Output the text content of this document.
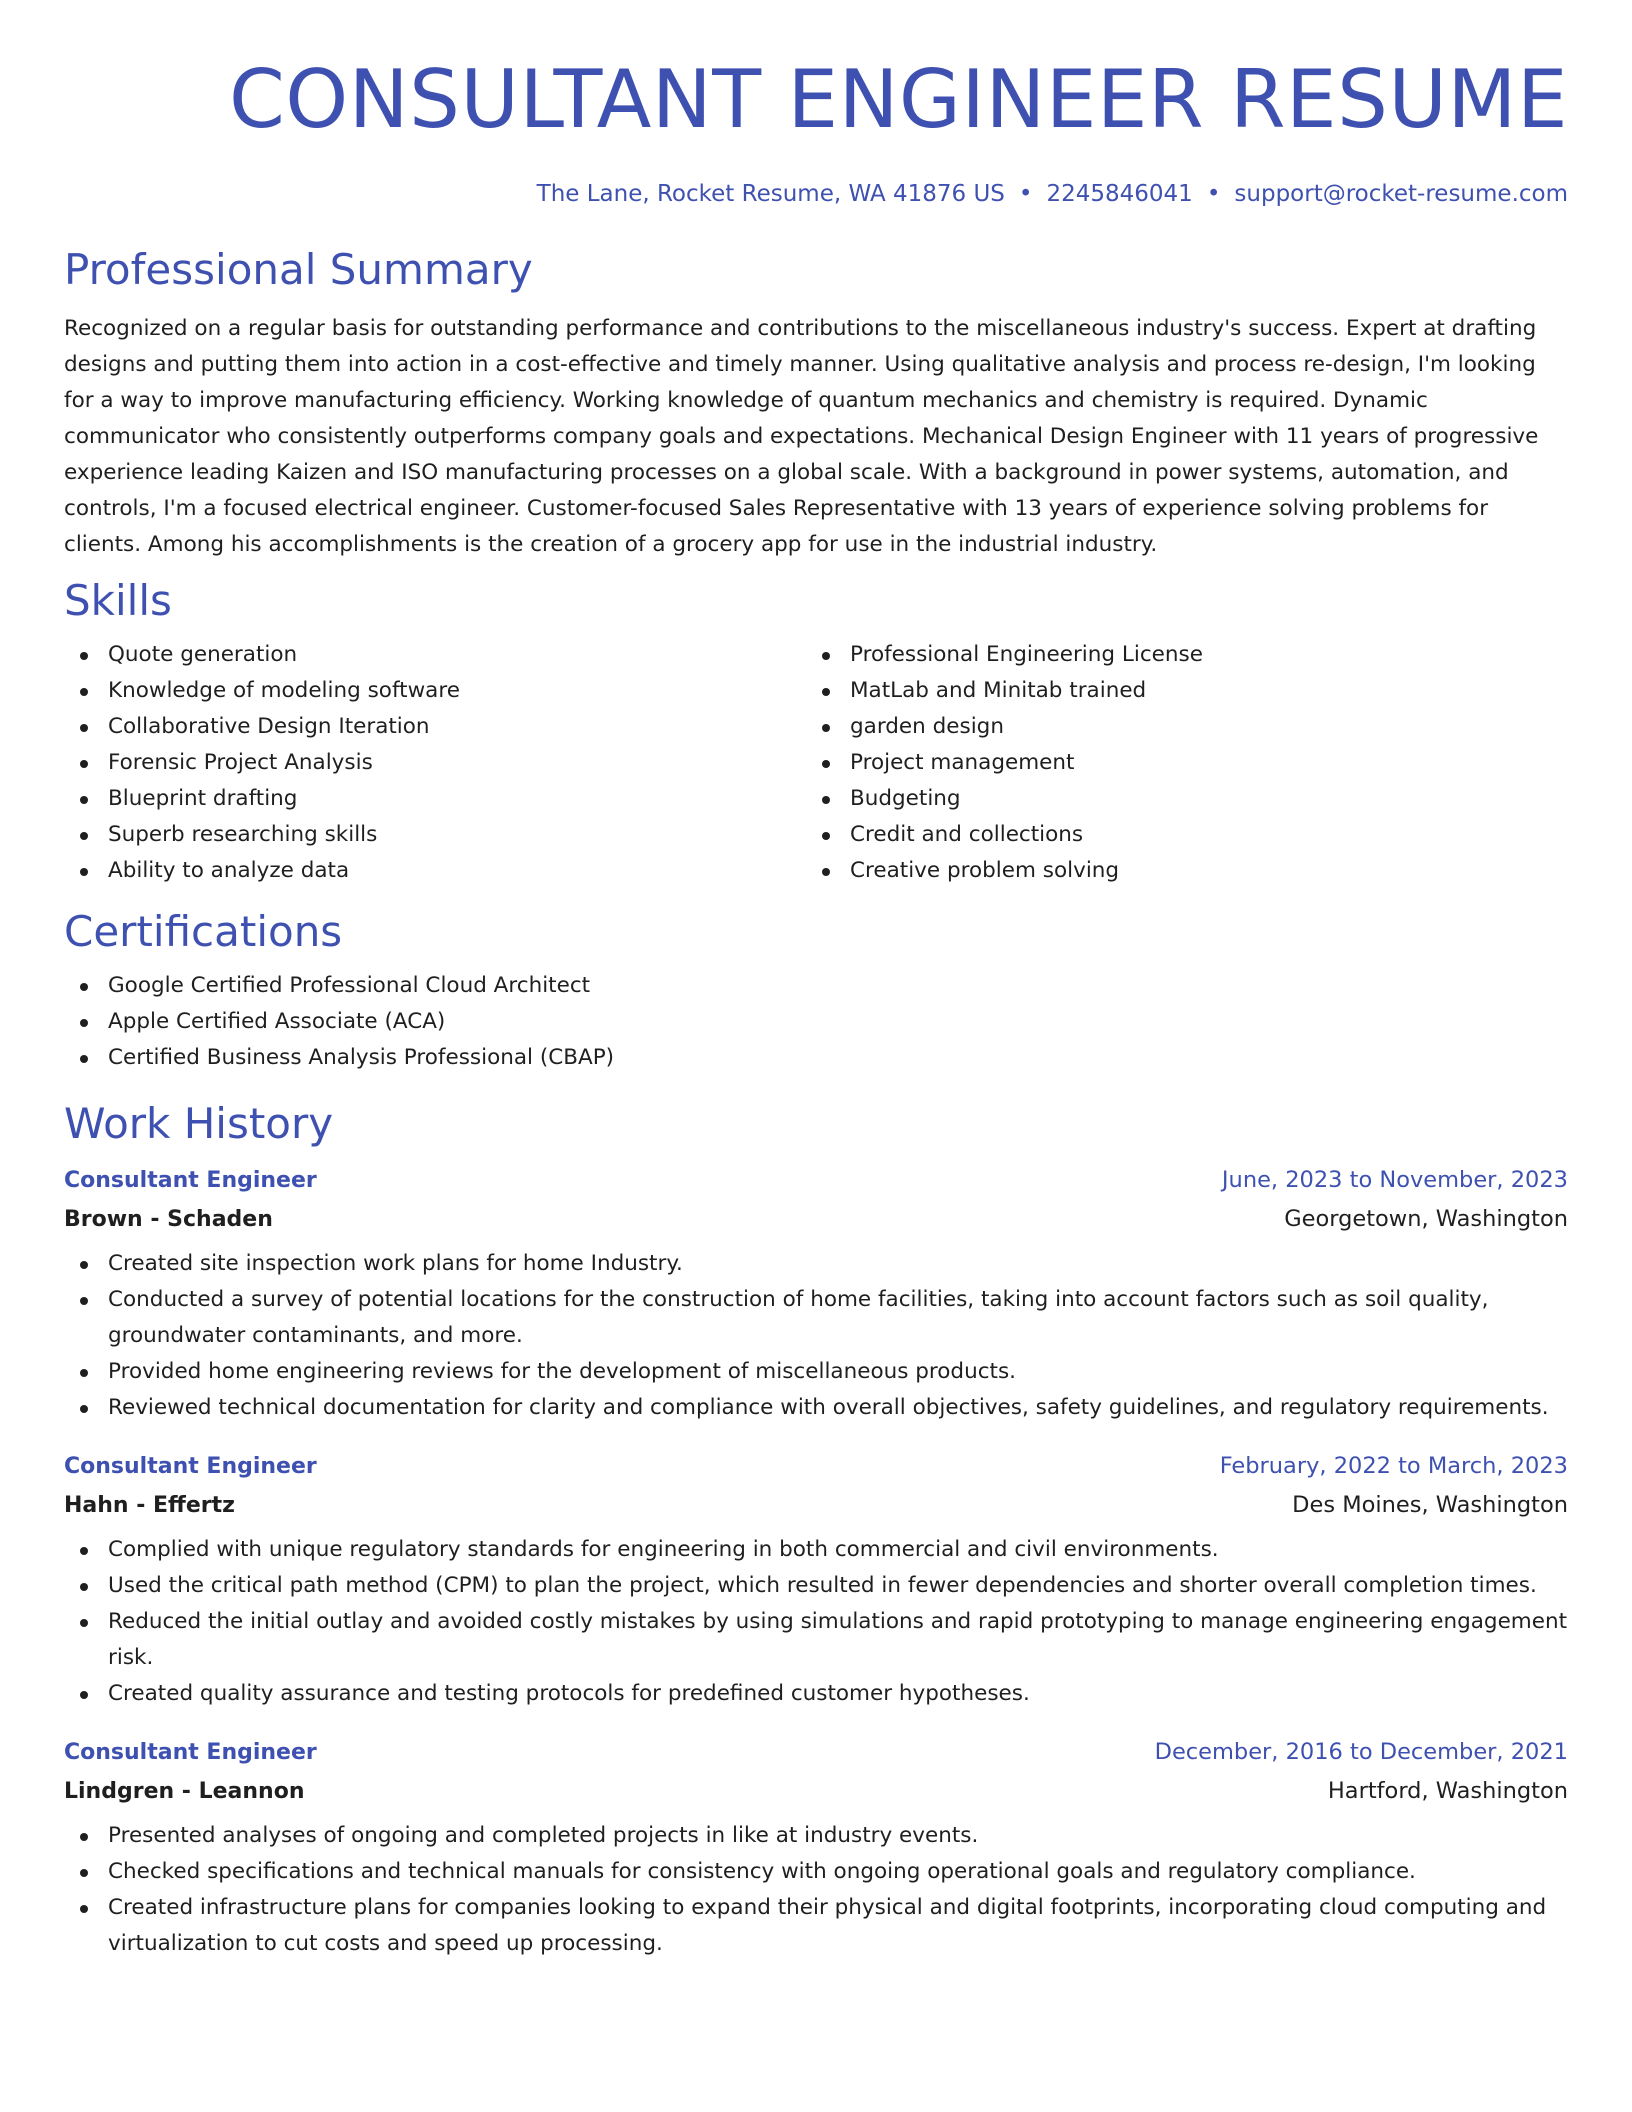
CONSULTANT ENGINEER RESUME
The Lane, Rocket Resume, WA 41876 US • 2245846041 • support@rocket-resume.com
Professional Summary

Recognized on a regular basis for outstanding performance and contributions to the miscellaneous industry's success. Expert at drafting designs and putting them into action in a cost-effective and timely manner. Using qualitative analysis and process re-design, I'm looking for a way to improve manufacturing efficiency. Working knowledge of quantum mechanics and chemistry is required. Dynamic communicator who consistently outperforms company goals and expectations. Mechanical Design Engineer with 11 years of progressive experience leading Kaizen and ISO manufacturing processes on a global scale. With a background in power systems, automation, and controls, I'm a focused electrical engineer. Customer-focused Sales Representative with 13 years of experience solving problems for clients. Among his accomplishments is the creation of a grocery app for use in the industrial industry.

Skills
Quote generation
Knowledge of modeling software
Collaborative Design Iteration
Forensic Project Analysis
Blueprint drafting
Superb researching skills
Ability to analyze data
Professional Engineering License
MatLab and Minitab trained
garden design
Project management
Budgeting
Credit and collections
Creative problem solving
Certifications
Google Certified Professional Cloud Architect
Apple Certified Associate (ACA)
Certified Business Analysis Professional (CBAP)
Work History
Consultant Engineer	June, 2023 to November, 2023
Brown - Schaden	Georgetown, Washington
Created site inspection work plans for home Industry.
Conducted a survey of potential locations for the construction of home facilities, taking into account factors such as soil quality, groundwater contaminants, and more.
Provided home engineering reviews for the development of miscellaneous products.
Reviewed technical documentation for clarity and compliance with overall objectives, safety guidelines, and regulatory requirements.
Consultant Engineer	February, 2022 to March, 2023
Hahn - Effertz	Des Moines, Washington
Complied with unique regulatory standards for engineering in both commercial and civil environments.
Used the critical path method (CPM) to plan the project, which resulted in fewer dependencies and shorter overall completion times.
Reduced the initial outlay and avoided costly mistakes by using simulations and rapid prototyping to manage engineering engagement risk.
Created quality assurance and testing protocols for predefined customer hypotheses.
Consultant Engineer	December, 2016 to December, 2021
Lindgren - Leannon	Hartford, Washington
Presented analyses of ongoing and completed projects in like at industry events.
Checked specifications and technical manuals for consistency with ongoing operational goals and regulatory compliance.
Created infrastructure plans for companies looking to expand their physical and digital footprints, incorporating cloud computing and virtualization to cut costs and speed up processing.
